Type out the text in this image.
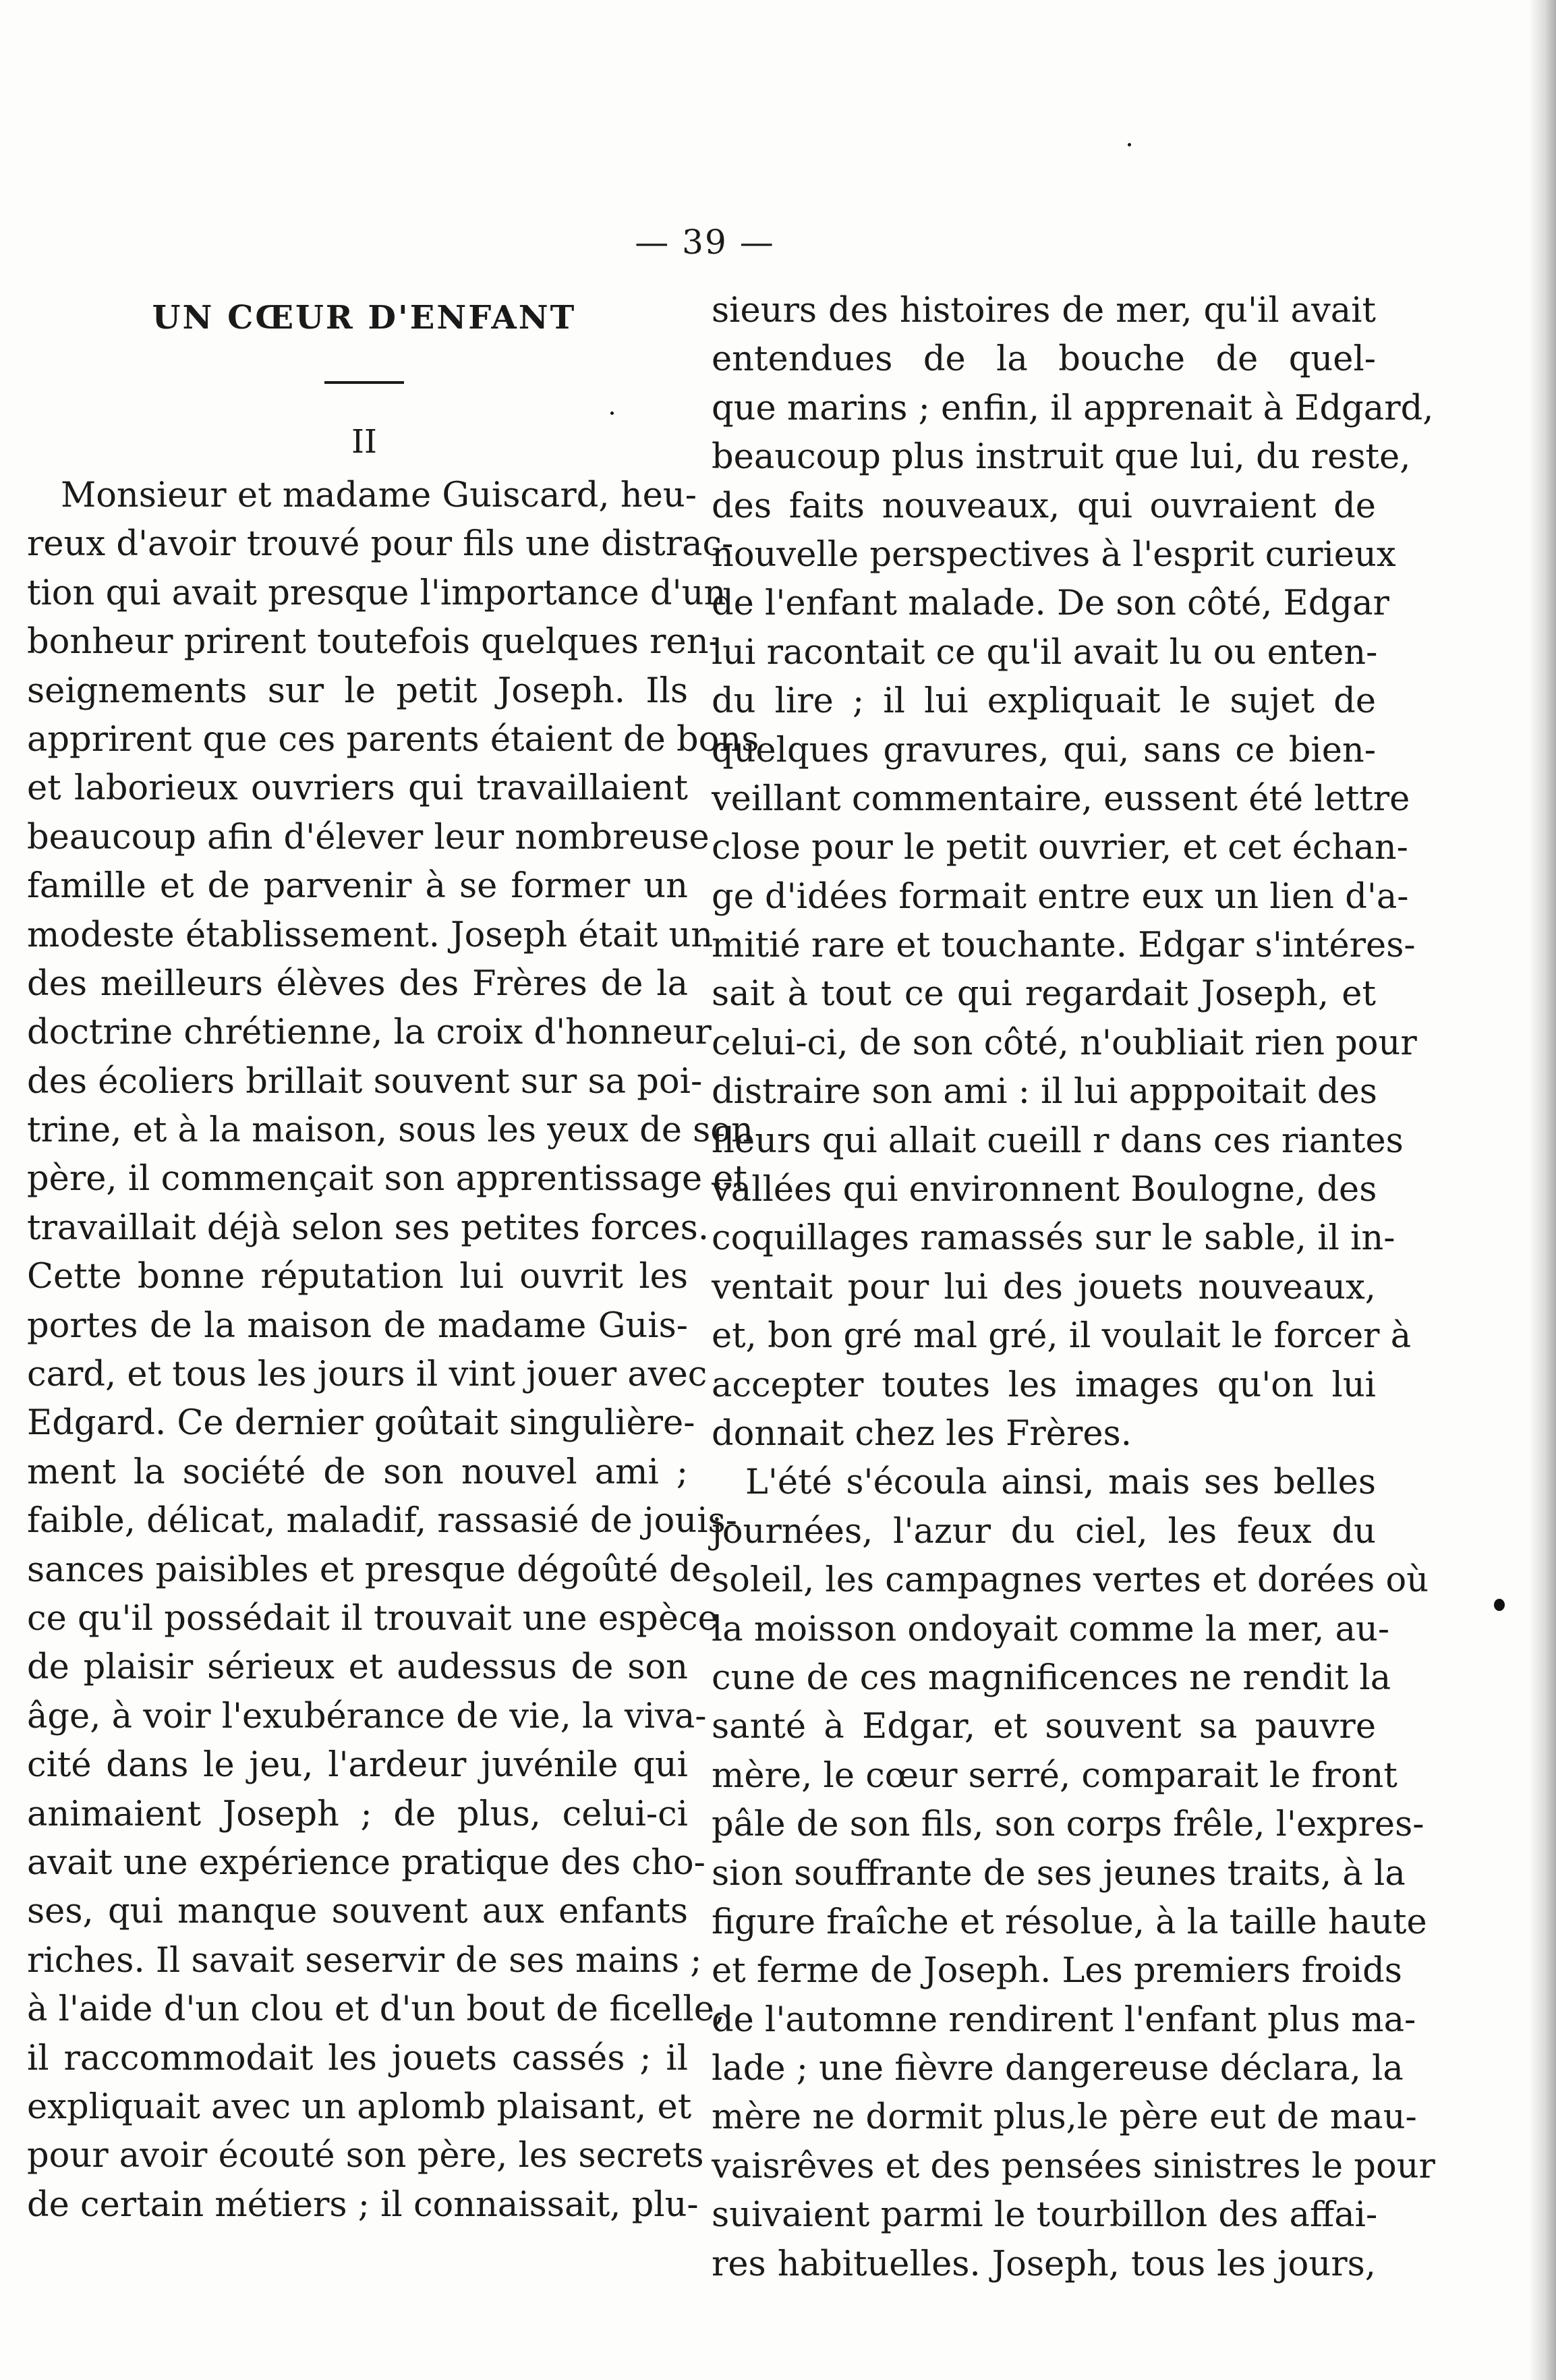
— 39 —
UN CŒUR D'ENFANT
II
Monsieur et madame Guiscard, heu-
reux d'avoir trouvé pour fils une distrac-
tion qui avait presque l'importance d'un
bonheur prirent toutefois quelques ren-
seignements sur le petit Joseph. Ils
apprirent que ces parents étaient de bons
et laborieux ouvriers qui travaillaient
beaucoup afin d'élever leur nombreuse
famille et de parvenir à se former un
modeste établissement. Joseph était un
des meilleurs élèves des Frères de la
doctrine chrétienne, la croix d'honneur
des écoliers brillait souvent sur sa poi-
trine, et à la maison, sous les yeux de son
père, il commençait son apprentissage et
travaillait déjà selon ses petites forces.
Cette bonne réputation lui ouvrit les
portes de la maison de madame Guis-
card, et tous les jours il vint jouer avec
Edgard. Ce dernier goûtait singulière-
ment la société de son nouvel ami ;
faible, délicat, maladif, rassasié de jouis-
sances paisibles et presque dégoûté de
ce qu'il possédait il trouvait une espèce
de plaisir sérieux et audessus de son
âge, à voir l'exubérance de vie, la viva-
cité dans le jeu, l'ardeur juvénile qui
animaient Joseph ; de plus, celui-ci
avait une expérience pratique des cho-
ses, qui manque souvent aux enfants
riches. Il savait seservir de ses mains ;
à l'aide d'un clou et d'un bout de ficelle,
il raccommodait les jouets cassés ; il
expliquait avec un aplomb plaisant, et
pour avoir écouté son père, les secrets
de certain métiers ; il connaissait, plu-
sieurs des histoires de mer, qu'il avait
entendues de la bouche de quel-
que marins ; enfin, il apprenait à Edgard,
beaucoup plus instruit que lui, du reste,
des faits nouveaux, qui ouvraient de
nouvelle perspectives à l'esprit curieux
de l'enfant malade. De son côté, Edgar
lui racontait ce qu'il avait lu ou enten-
du lire ; il lui expliquait le sujet de
quelques gravures, qui, sans ce bien-
veillant commentaire, eussent été lettre
close pour le petit ouvrier, et cet échan-
ge d'idées formait entre eux un lien d'a-
mitié rare et touchante. Edgar s'intéres-
sait à tout ce qui regardait Joseph, et
celui-ci, de son côté, n'oubliait rien pour
distraire son ami : il lui apppoitait des
fleurs qui allait cueill r dans ces riantes
vallées qui environnent Boulogne, des
coquillages ramassés sur le sable, il in-
ventait pour lui des jouets nouveaux,
et, bon gré mal gré, il voulait le forcer à
accepter toutes les images qu'on lui
donnait chez les Frères.
L'été s'écoula ainsi, mais ses belles
journées, l'azur du ciel, les feux du
soleil, les campagnes vertes et dorées où
la moisson ondoyait comme la mer, au-
cune de ces magnificences ne rendit la
santé à Edgar, et souvent sa pauvre
mère, le cœur serré, comparait le front
pâle de son fils, son corps frêle, l'expres-
sion souffrante de ses jeunes traits, à la
figure fraîche et résolue, à la taille haute
et ferme de Joseph. Les premiers froids
de l'automne rendirent l'enfant plus ma-
lade ; une fièvre dangereuse déclara, la
mère ne dormit plus,le père eut de mau-
vaisrêves et des pensées sinistres le pour
suivaient parmi le tourbillon des affai-
res habituelles. Joseph, tous les jours,
